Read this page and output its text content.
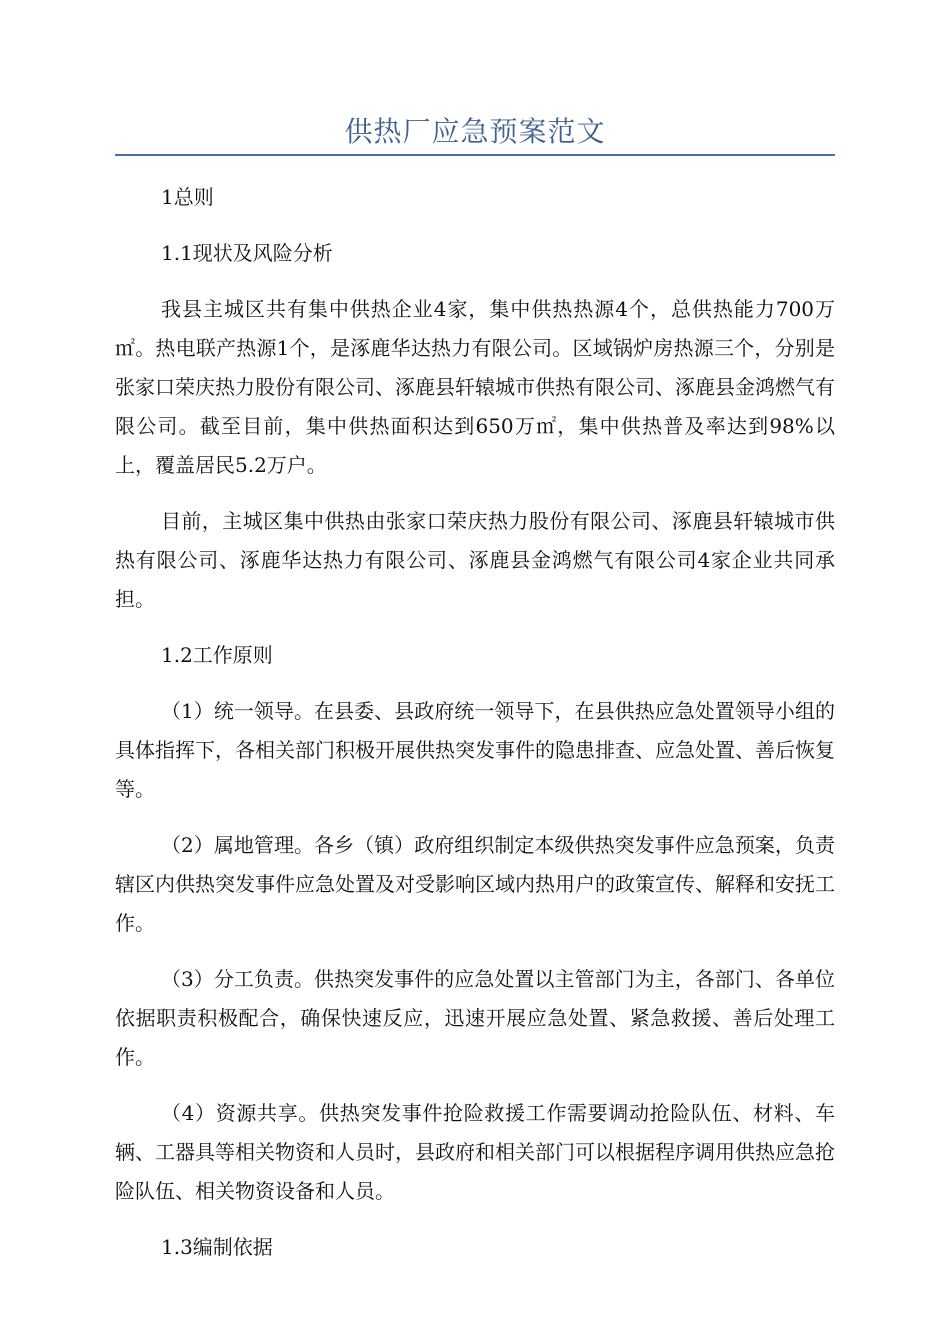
供热厂应急预案范文

1总则

1.1现状及风险分析

我县主城区共有集中供热企业4家，集中供热热源4个，总供热能力700万㎡。热电联产热源1个，是涿鹿华达热力有限公司。区域锅炉房热源三个，分别是张家口荣庆热力股份有限公司、涿鹿县轩辕城市供热有限公司、涿鹿县金鸿燃气有限公司。截至目前，集中供热面积达到650万㎡，集中供热普及率达到98%以上，覆盖居民5.2万户。

目前，主城区集中供热由张家口荣庆热力股份有限公司、涿鹿县轩辕城市供热有限公司、涿鹿华达热力有限公司、涿鹿县金鸿燃气有限公司4家企业共同承担。

1.2工作原则

（1）统一领导。在县委、县政府统一领导下，在县供热应急处置领导小组的具体指挥下，各相关部门积极开展供热突发事件的隐患排查、应急处置、善后恢复等。

（2）属地管理。各乡（镇）政府组织制定本级供热突发事件应急预案，负责辖区内供热突发事件应急处置及对受影响区域内热用户的政策宣传、解释和安抚工作。

（3）分工负责。供热突发事件的应急处置以主管部门为主，各部门、各单位依据职责积极配合，确保快速反应，迅速开展应急处置、紧急救援、善后处理工作。

（4）资源共享。供热突发事件抢险救援工作需要调动抢险队伍、材料、车辆、工器具等相关物资和人员时，县政府和相关部门可以根据程序调用供热应急抢险队伍、相关物资设备和人员。

1.3编制依据
